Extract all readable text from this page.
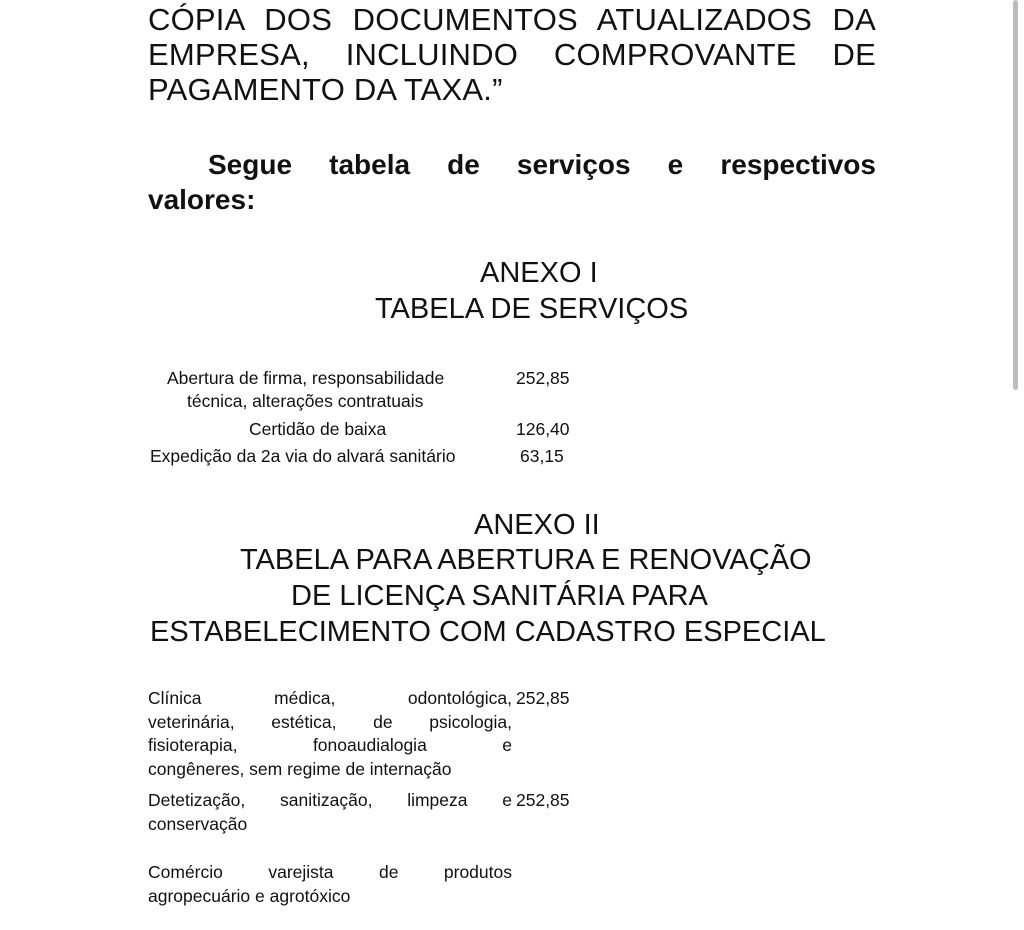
CÓPIA DOS DOCUMENTOS ATUALIZADOS DA
EMPRESA, INCLUINDO COMPROVANTE DE
PAGAMENTO DA TAXA.”
Segue tabela de serviços e respectivos
valores:
ANEXO I
TABELA DE SERVIÇOS
Abertura de firma, responsabilidade
técnica, alterações contratuais
252,85
Certidão de baixa	126,40
Expedição da 2a via do alvará sanitário	63,15
ANEXO II
TABELA PARA ABERTURA E RENOVAÇÃO
DE LICENÇA SANITÁRIA PARA
ESTABELECIMENTO COM CADASTRO ESPECIAL
Clínica médica, odontológica,
veterinária, estética, de psicologia,
fisioterapia, fonoaudialogia e
congêneres, sem regime de internação
252,85
Detetização, sanitização, limpeza e
conservação
252,85
Comércio varejista de produtos
agropecuário e agrotóxico
